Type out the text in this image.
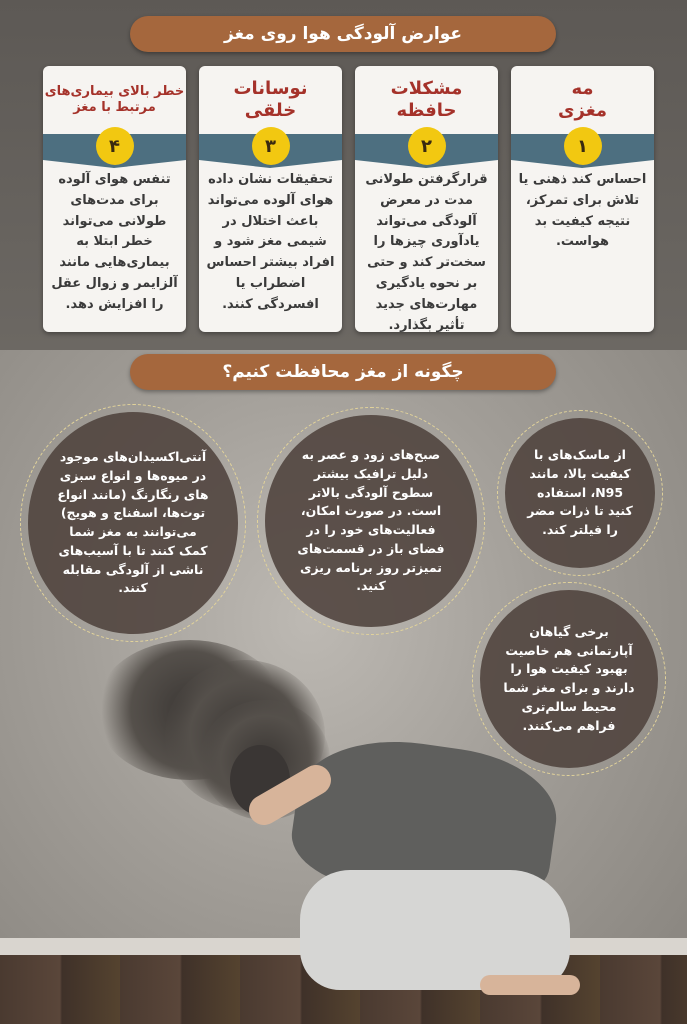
عوارض آلودگی هوا روی مغز
مه
مغزی
۱
احساس کند ذهنی یا تلاش برای تمرکز، نتیجه کیفیت بد هواست.
مشکلات
حافظه
۲
قرارگرفتن طولانی مدت در معرض آلودگی می‌تواند یادآوری چیزها را سخت‌تر کند و حتی بر نحوه یادگیری مهارت‌های جدید تأثیر بگذارد.
نوسانات
خلقی
۳
تحقیقات نشان داده هوای آلوده می‌تواند باعث اختلال در شیمی مغز شود و افراد بیشتر احساس اضطراب یا افسردگی کنند.
خطر بالای بیماری‌های
مرتبط با مغز
۴
تنفس هوای آلوده برای مدت‌های طولانی می‌تواند خطر ابتلا به بیماری‌هایی مانند آلزایمر و زوال عقل را افزایش دهد.
چگونه از مغز محافظت کنیم؟
از ماسک‌های با کیفیت بالا، مانند N95، استفاده کنید تا ذرات مضر را فیلتر کند.
صبح‌های زود و عصر به دلیل ترافیک بیشتر سطوح آلودگی بالاتر است. در صورت امکان، فعالیت‌های خود را در فضای باز در قسمت‌های تمیزتر روز برنامه ریزی کنید.
آنتی‌اکسیدان‌های موجود در میوه‌ها و انواع سبزی های رنگارنگ (مانند انواع توت‌ها، اسفناج و هویج) می‌توانند به مغز شما کمک کنند تا با آسیب‌های ناشی از آلودگی مقابله کنند.
برخی گیاهان آپارتمانی هم خاصیت بهبود کیفیت هوا را دارند و برای مغز شما محیط سالم‌تری فراهم می‌کنند.
